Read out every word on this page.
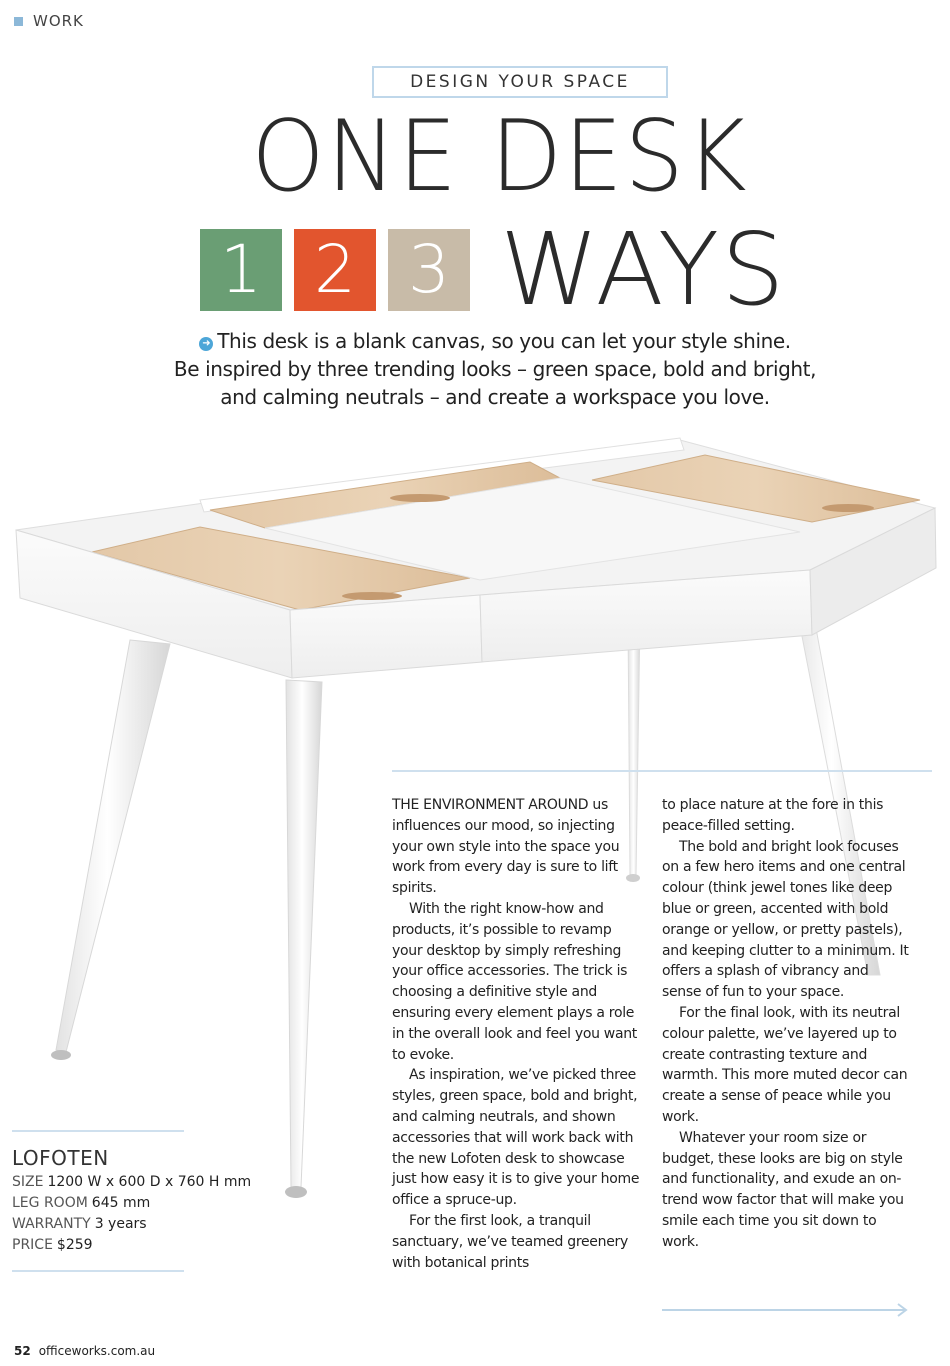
WORK
DESIGN YOUR SPACE
ONE DESK
1 2 3 WAYS
➜ This desk is a blank canvas, so you can let your style shine.
Be inspired by three trending looks – green space, bold and bright,
and calming neutrals – and create a workspace you love.

THE ENVIRONMENT AROUND us influences our mood, so injecting your own style into the space you work from every day is sure to lift spirits.

With the right know-how and products, it’s possible to revamp your desktop by simply refreshing your office accessories. The trick is choosing a definitive style and ensuring every element plays a role in the overall look and feel you want to evoke.

As inspiration, we’ve picked three styles, green space, bold and bright, and calming neutrals, and shown accessories that will work back with the new Lofoten desk to showcase just how easy it is to give your home office a spruce-up.

For the first look, a tranquil sanctuary, we’ve teamed greenery with botanical prints

to place nature at the fore in this peace-filled setting.

The bold and bright look focuses on a few hero items and one central colour (think jewel tones like deep blue or green, accented with bold orange or yellow, or pretty pastels), and keeping clutter to a minimum. It offers a splash of vibrancy and sense of fun to your space.

For the final look, with its neutral colour palette, we’ve layered up to create contrasting texture and warmth. This more muted decor can create a sense of peace while you work.

Whatever your room size or budget, these looks are big on style and functionality, and exude an on-trend wow factor that will make you smile each time you sit down to work.

LOFOTEN
SIZE 1200 W x 600 D x 760 H mm
LEG ROOM 645 mm
WARRANTY 3 years
PRICE $259
52 officeworks.com.au
